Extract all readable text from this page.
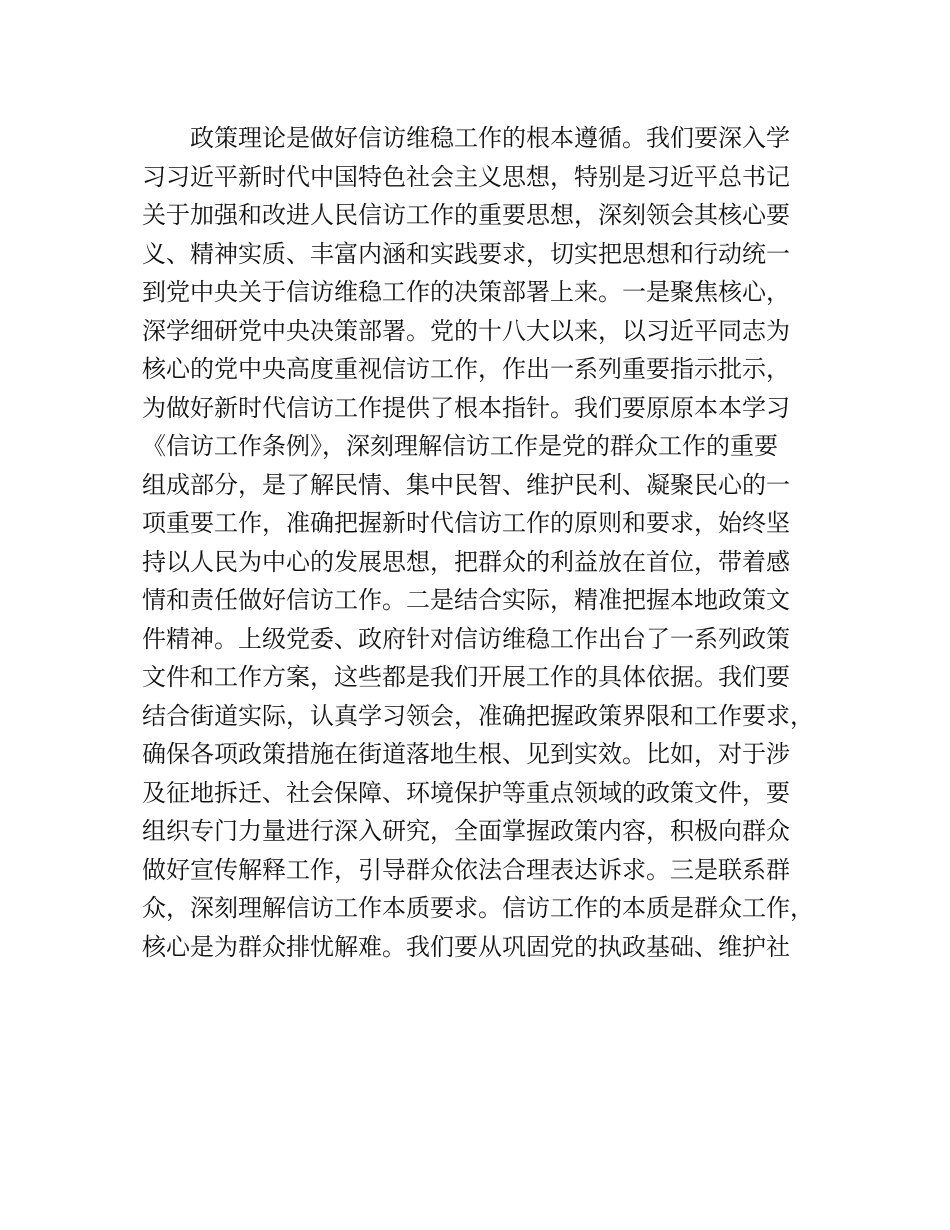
政策理论是做好信访维稳工作的根本遵循。我们要深入学
习习近平新时代中国特色社会主义思想，特别是习近平总书记
关于加强和改进人民信访工作的重要思想，深刻领会其核心要
义、精神实质、丰富内涵和实践要求，切实把思想和行动统一
到党中央关于信访维稳工作的决策部署上来。一是聚焦核心，
深学细研党中央决策部署。党的十八大以来，以习近平同志为
核心的党中央高度重视信访工作，作出一系列重要指示批示，
为做好新时代信访工作提供了根本指针。我们要原原本本学习
《信访工作条例》，深刻理解信访工作是党的群众工作的重要
组成部分，是了解民情、集中民智、维护民利、凝聚民心的一
项重要工作，准确把握新时代信访工作的原则和要求，始终坚
持以人民为中心的发展思想，把群众的利益放在首位，带着感
情和责任做好信访工作。二是结合实际，精准把握本地政策文
件精神。上级党委、政府针对信访维稳工作出台了一系列政策
文件和工作方案，这些都是我们开展工作的具体依据。我们要
结合街道实际，认真学习领会，准确把握政策界限和工作要求，
确保各项政策措施在街道落地生根、见到实效。比如，对于涉
及征地拆迁、社会保障、环境保护等重点领域的政策文件，要
组织专门力量进行深入研究，全面掌握政策内容，积极向群众
做好宣传解释工作，引导群众依法合理表达诉求。三是联系群
众，深刻理解信访工作本质要求。信访工作的本质是群众工作，
核心是为群众排忧解难。我们要从巩固党的执政基础、维护社
